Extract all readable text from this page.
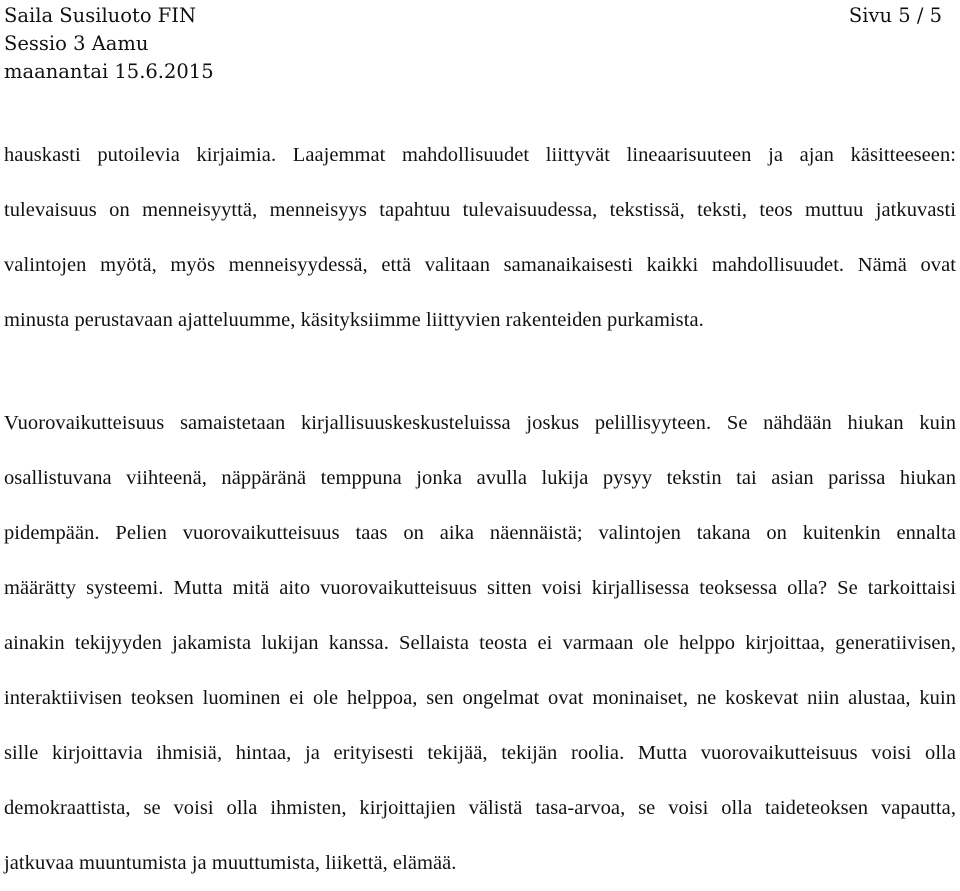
Saila Susiluoto FIN	Sivu 5 / 5
Sessio 3 Aamu
maanantai 15.6.2015
hauskasti putoilevia kirjaimia. Laajemmat mahdollisuudet liittyvät lineaarisuuteen ja ajan käsitteeseen:
tulevaisuus on menneisyyttä, menneisyys tapahtuu tulevaisuudessa, tekstissä, teksti, teos muttuu jatkuvasti
valintojen myötä, myös menneisyydessä, että valitaan samanaikaisesti kaikki mahdollisuudet. Nämä ovat
minusta perustavaan ajatteluumme, käsityksiimme liittyvien rakenteiden purkamista.
Vuorovaikutteisuus samaistetaan kirjallisuuskeskusteluissa joskus pelillisyyteen. Se nähdään hiukan kuin
osallistuvana viihteenä, näppäränä temppuna jonka avulla lukija pysyy tekstin tai asian parissa hiukan
pidempään. Pelien vuorovaikutteisuus taas on aika näennäistä; valintojen takana on kuitenkin ennalta
määrätty systeemi. Mutta mitä aito vuorovaikutteisuus sitten voisi kirjallisessa teoksessa olla? Se tarkoittaisi
ainakin tekijyyden jakamista lukijan kanssa. Sellaista teosta ei varmaan ole helppo kirjoittaa, generatiivisen,
interaktiivisen teoksen luominen ei ole helppoa, sen ongelmat ovat moninaiset, ne koskevat niin alustaa, kuin
sille kirjoittavia ihmisiä, hintaa, ja erityisesti tekijää, tekijän roolia. Mutta vuorovaikutteisuus voisi olla
demokraattista, se voisi olla ihmisten, kirjoittajien välistä tasa-arvoa, se voisi olla taideteoksen vapautta,
jatkuvaa muuntumista ja muuttumista, liikettä, elämää.
